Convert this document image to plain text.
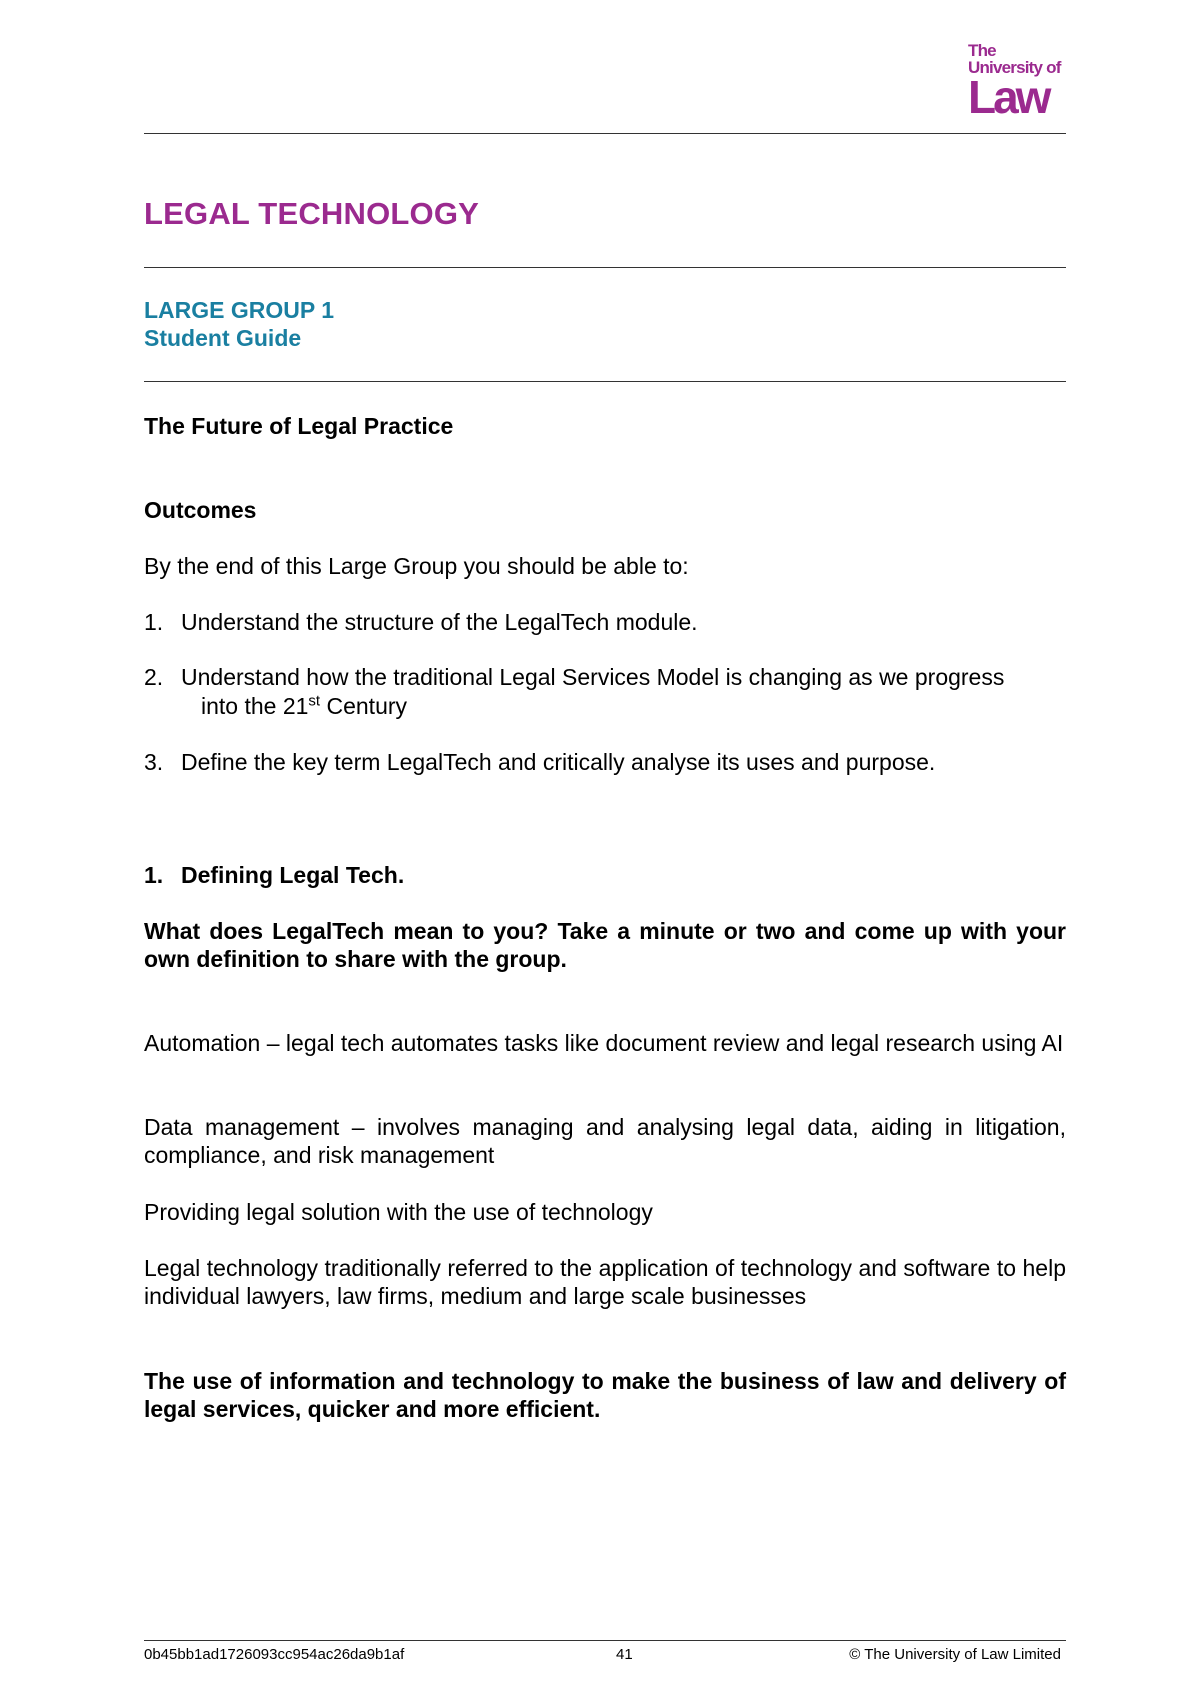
The
University of
Law
LEGAL TECHNOLOGY
LARGE GROUP 1
Student Guide
The Future of Legal Practice
Outcomes
By the end of this Large Group you should be able to:
1. Understand the structure of the LegalTech module.
2. Understand how the traditional Legal Services Model is changing as we progress
into the 21st Century
3. Define the key term LegalTech and critically analyse its uses and purpose.
1. Defining Legal Tech.
What does LegalTech mean to you? Take a minute or two and come up with your own definition to share with the group.
Automation – legal tech automates tasks like document review and legal research using AI
Data management – involves managing and analysing legal data, aiding in litigation, compliance, and risk management
Providing legal solution with the use of technology
Legal technology traditionally referred to the application of technology and software to help individual lawyers, law firms, medium and large scale businesses
The use of information and technology to make the business of law and delivery of legal services, quicker and more efficient.
0b45bb1ad1726093cc954ac26da9b1af	41	© The University of Law Limited
